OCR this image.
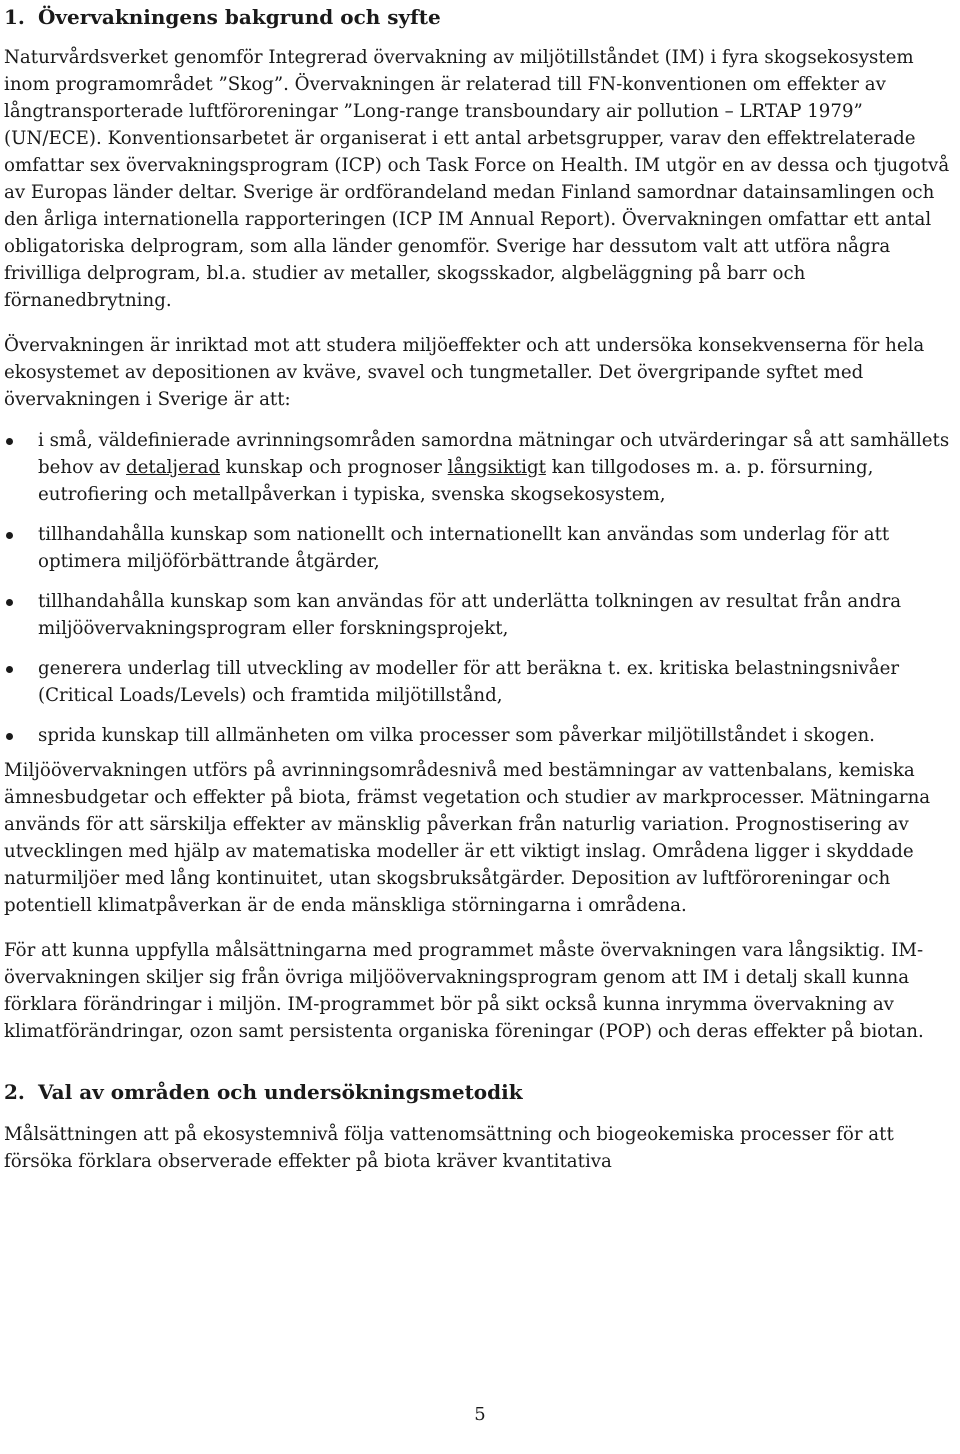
1. Övervakningens bakgrund och syfte

Naturvårdsverket genomför Integrerad övervakning av miljötillståndet (IM) i fyra skogsekosystem inom programområdet ”Skog”. Övervakningen är relaterad till FN-konventionen om effekter av långtransporterade luftföroreningar ”Long-range transboundary air pollution – LRTAP 1979” (UN/ECE). Konventionsarbetet är organiserat i ett antal arbetsgrupper, varav den effektrelaterade omfattar sex övervakningsprogram (ICP) och Task Force on Health. IM utgör en av dessa och tjugotvå av Europas länder deltar. Sverige är ordförandeland medan Finland samordnar datainsamlingen och den årliga internationella rapporteringen (ICP IM Annual Report). Övervakningen omfattar ett antal obligatoriska delprogram, som alla länder genomför. Sverige har dessutom valt att utföra några frivilliga delprogram, bl.a. studier av metaller, skogsskador, algbeläggning på barr och förnanedbrytning.

Övervakningen är inriktad mot att studera miljöeffekter och att undersöka konsekvenserna för hela ekosystemet av depositionen av kväve, svavel och tungmetaller. Det övergripande syftet med övervakningen i Sverige är att:

i små, väldefinierade avrinningsområden samordna mätningar och utvärderingar så att samhällets behov av detaljerad kunskap och prognoser långsiktigt kan tillgodoses m. a. p. försurning, eutrofiering och metallpåverkan i typiska, svenska skogsekosystem,
tillhandahålla kunskap som nationellt och internationellt kan användas som underlag för att optimera miljöförbättrande åtgärder,
tillhandahålla kunskap som kan användas för att underlätta tolkningen av resultat från andra miljöövervakningsprogram eller forskningsprojekt,
generera underlag till utveckling av modeller för att beräkna t. ex. kritiska belastningsnivåer (Critical Loads/Levels) och framtida miljötillstånd,
sprida kunskap till allmänheten om vilka processer som påverkar miljötillståndet i skogen.

Miljöövervakningen utförs på avrinningsområdesnivå med bestämningar av vattenbalans, kemiska ämnesbudgetar och effekter på biota, främst vegetation och studier av markprocesser. Mätningarna används för att särskilja effekter av mänsklig påverkan från naturlig variation. Prognostisering av utvecklingen med hjälp av matematiska modeller är ett viktigt inslag. Områdena ligger i skyddade naturmiljöer med lång kontinuitet, utan skogsbruksåtgärder. Deposition av luftföroreningar och potentiell klimatpåverkan är de enda mänskliga störningarna i områdena.

För att kunna uppfylla målsättningarna med programmet måste övervakningen vara långsiktig. IM-övervakningen skiljer sig från övriga miljöövervakningsprogram genom att IM i detalj skall kunna förklara förändringar i miljön. IM-programmet bör på sikt också kunna inrymma övervakning av klimatförändringar, ozon samt persistenta organiska föreningar (POP) och deras effekter på biotan.

2. Val av områden och undersökningsmetodik

Målsättningen att på ekosystemnivå följa vattenomsättning och biogeokemiska processer för att försöka förklara observerade effekter på biota kräver kvantitativa

5
